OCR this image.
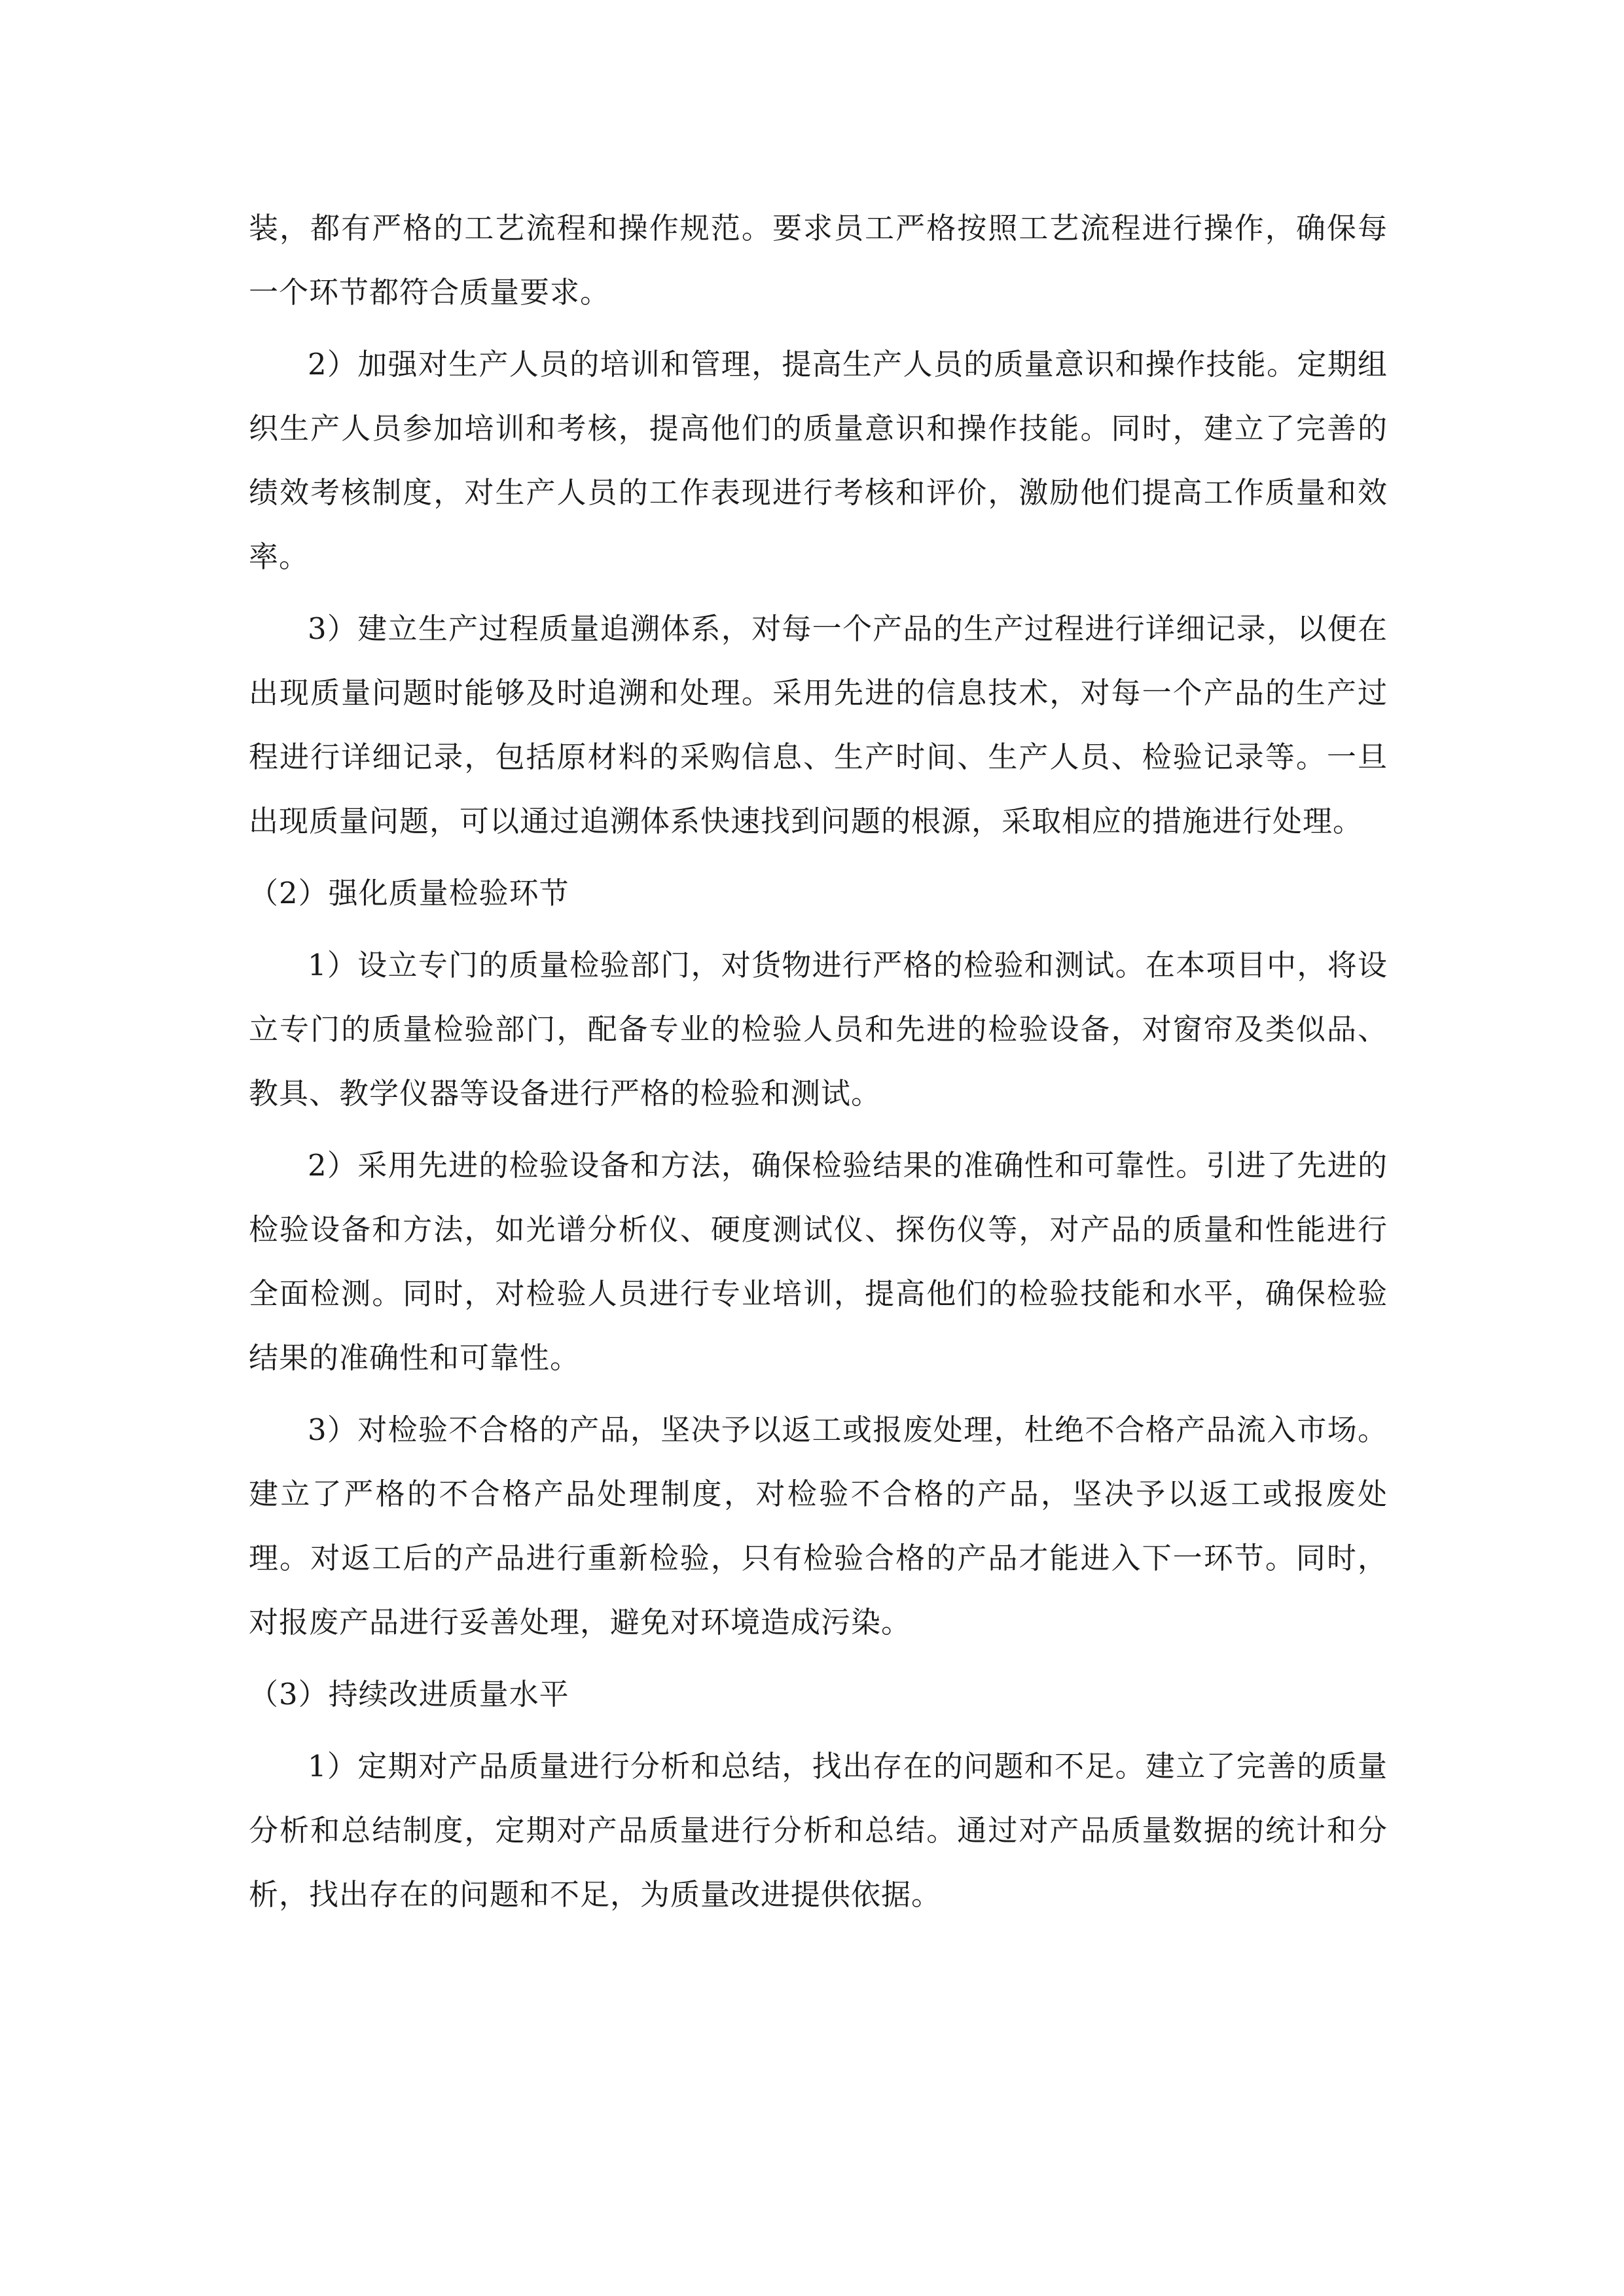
装，都有严格的工艺流程和操作规范。要求员工严格按照工艺流程进行操作，确保每一个环节都符合质量要求。

2）加强对生产人员的培训和管理，提高生产人员的质量意识和操作技能。定期组织生产人员参加培训和考核，提高他们的质量意识和操作技能。同时，建立了完善的绩效考核制度，对生产人员的工作表现进行考核和评价，激励他们提高工作质量和效率。

3）建立生产过程质量追溯体系，对每一个产品的生产过程进行详细记录，以便在出现质量问题时能够及时追溯和处理。采用先进的信息技术，对每一个产品的生产过程进行详细记录，包括原材料的采购信息、生产时间、生产人员、检验记录等。一旦出现质量问题，可以通过追溯体系快速找到问题的根源，采取相应的措施进行处理。

（2）强化质量检验环节

1）设立专门的质量检验部门，对货物进行严格的检验和测试。在本项目中，将设立专门的质量检验部门，配备专业的检验人员和先进的检验设备，对窗帘及类似品、教具、教学仪器等设备进行严格的检验和测试。

2）采用先进的检验设备和方法，确保检验结果的准确性和可靠性。引进了先进的检验设备和方法，如光谱分析仪、硬度测试仪、探伤仪等，对产品的质量和性能进行全面检测。同时，对检验人员进行专业培训，提高他们的检验技能和水平，确保检验结果的准确性和可靠性。

3）对检验不合格的产品，坚决予以返工或报废处理，杜绝不合格产品流入市场。建立了严格的不合格产品处理制度，对检验不合格的产品，坚决予以返工或报废处理。对返工后的产品进行重新检验，只有检验合格的产品才能进入下一环节。同时，对报废产品进行妥善处理，避免对环境造成污染。

（3）持续改进质量水平

1）定期对产品质量进行分析和总结，找出存在的问题和不足。建立了完善的质量分析和总结制度，定期对产品质量进行分析和总结。通过对产品质量数据的统计和分析，找出存在的问题和不足，为质量改进提供依据。
